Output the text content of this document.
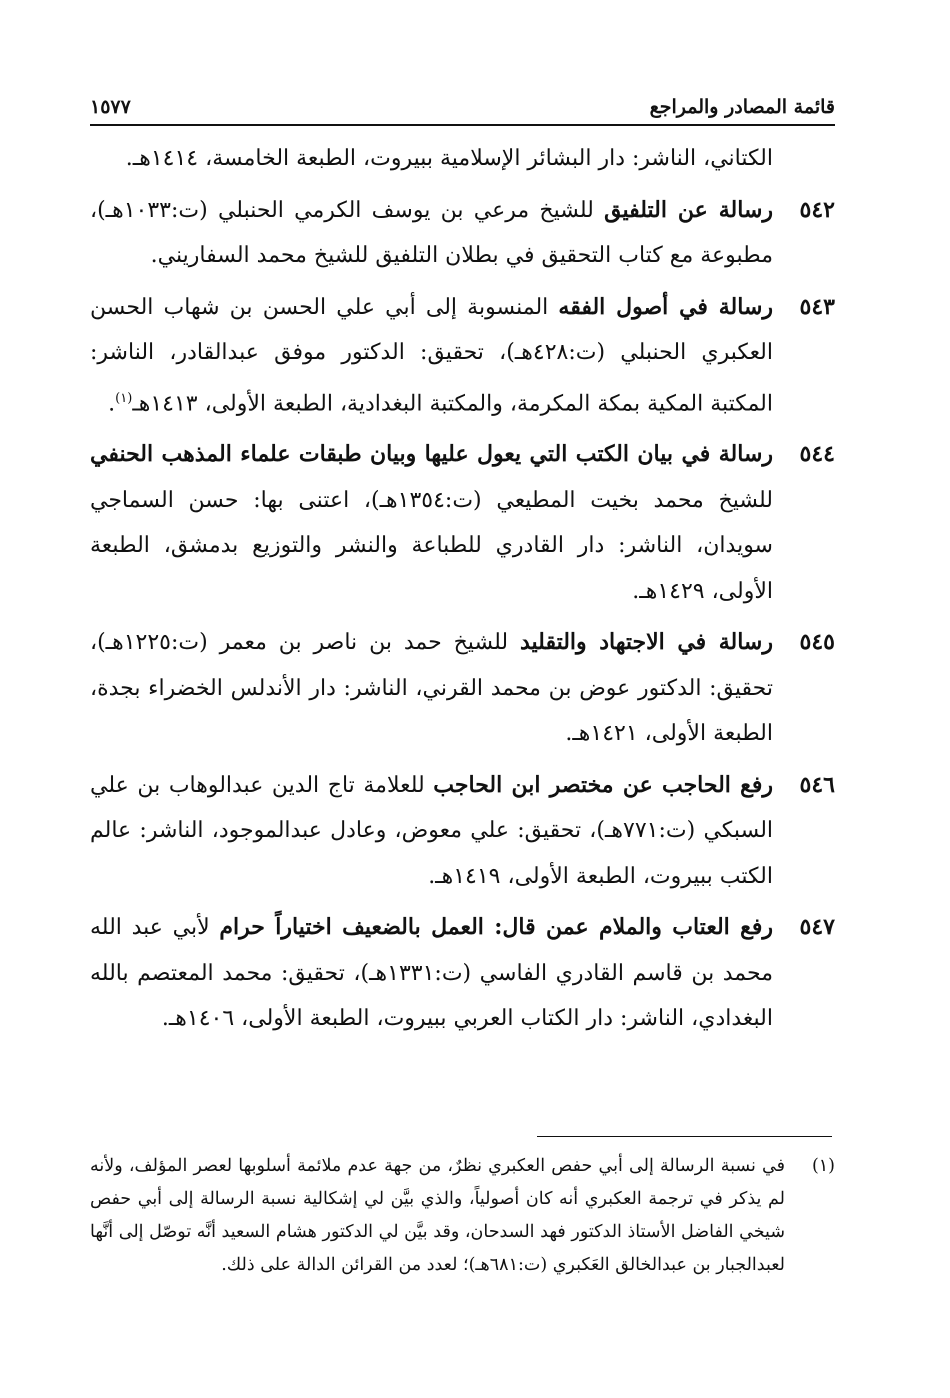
قائمة المصادر والمراجع
١٥٧٧

الكتاني، الناشر: دار البشائر الإسلامية ببيروت، الطبعة الخامسة، ١٤١٤هـ.

٥٤٢

رسالة عن التلفيق للشيخ مرعي بن يوسف الكرمي الحنبلي (ت:١٠٣٣هـ)، مطبوعة مع كتاب التحقيق في بطلان التلفيق للشيخ محمد السفاريني.

٥٤٣

رسالة في أصول الفقه المنسوبة إلى أبي علي الحسن بن شهاب الحسن العكبري الحنبلي (ت:٤٢٨هـ)، تحقيق: الدكتور موفق عبدالقادر، الناشر: المكتبة المكية بمكة المكرمة، والمكتبة البغدادية، الطبعة الأولى، ١٤١٣هـ$^{(١)}$.

٥٤٤

رسالة في بيان الكتب التي يعول عليها وبيان طبقات علماء المذهب الحنفي للشيخ محمد بخيت المطيعي (ت:١٣٥٤هـ)، اعتنى بها: حسن السماجي سويدان، الناشر: دار القادري للطباعة والنشر والتوزيع بدمشق، الطبعة الأولى، ١٤٢٩هـ.

٥٤٥

رسالة في الاجتهاد والتقليد للشيخ حمد بن ناصر بن معمر (ت:١٢٢٥هـ)، تحقيق: الدكتور عوض بن محمد القرني، الناشر: دار الأندلس الخضراء بجدة، الطبعة الأولى، ١٤٢١هـ.

٥٤٦

رفع الحاجب عن مختصر ابن الحاجب للعلامة تاج الدين عبدالوهاب بن علي السبكي (ت:٧٧١هـ)، تحقيق: علي معوض، وعادل عبدالموجود، الناشر: عالم الكتب ببيروت، الطبعة الأولى، ١٤١٩هـ.

٥٤٧

رفع العتاب والملام عمن قال: العمل بالضعيف اختياراً حرام لأبي عبد الله محمد بن قاسم القادري الفاسي (ت:١٣٣١هـ)، تحقيق: محمد المعتصم بالله البغدادي، الناشر: دار الكتاب العربي ببيروت، الطبعة الأولى، ١٤٠٦هـ.

(١)

في نسبة الرسالة إلى أبي حفص العكبري نظرٌ، من جهة عدم ملائمة أسلوبها لعصر المؤلف، ولأنه لم يذكر في ترجمة العكبري أنه كان أصولياً، والذي بيَّن لي إشكالية نسبة الرسالة إلى أبي حفص شيخي الفاضل الأستاذ الدكتور فهد السدحان، وقد بيَّن لي الدكتور هشام السعيد أنَّه توصّل إلى أنَّها لعبدالجبار بن عبدالخالق العَكبري (ت:٦٨١هـ)؛ لعدد من القرائن الدالة على ذلك.
